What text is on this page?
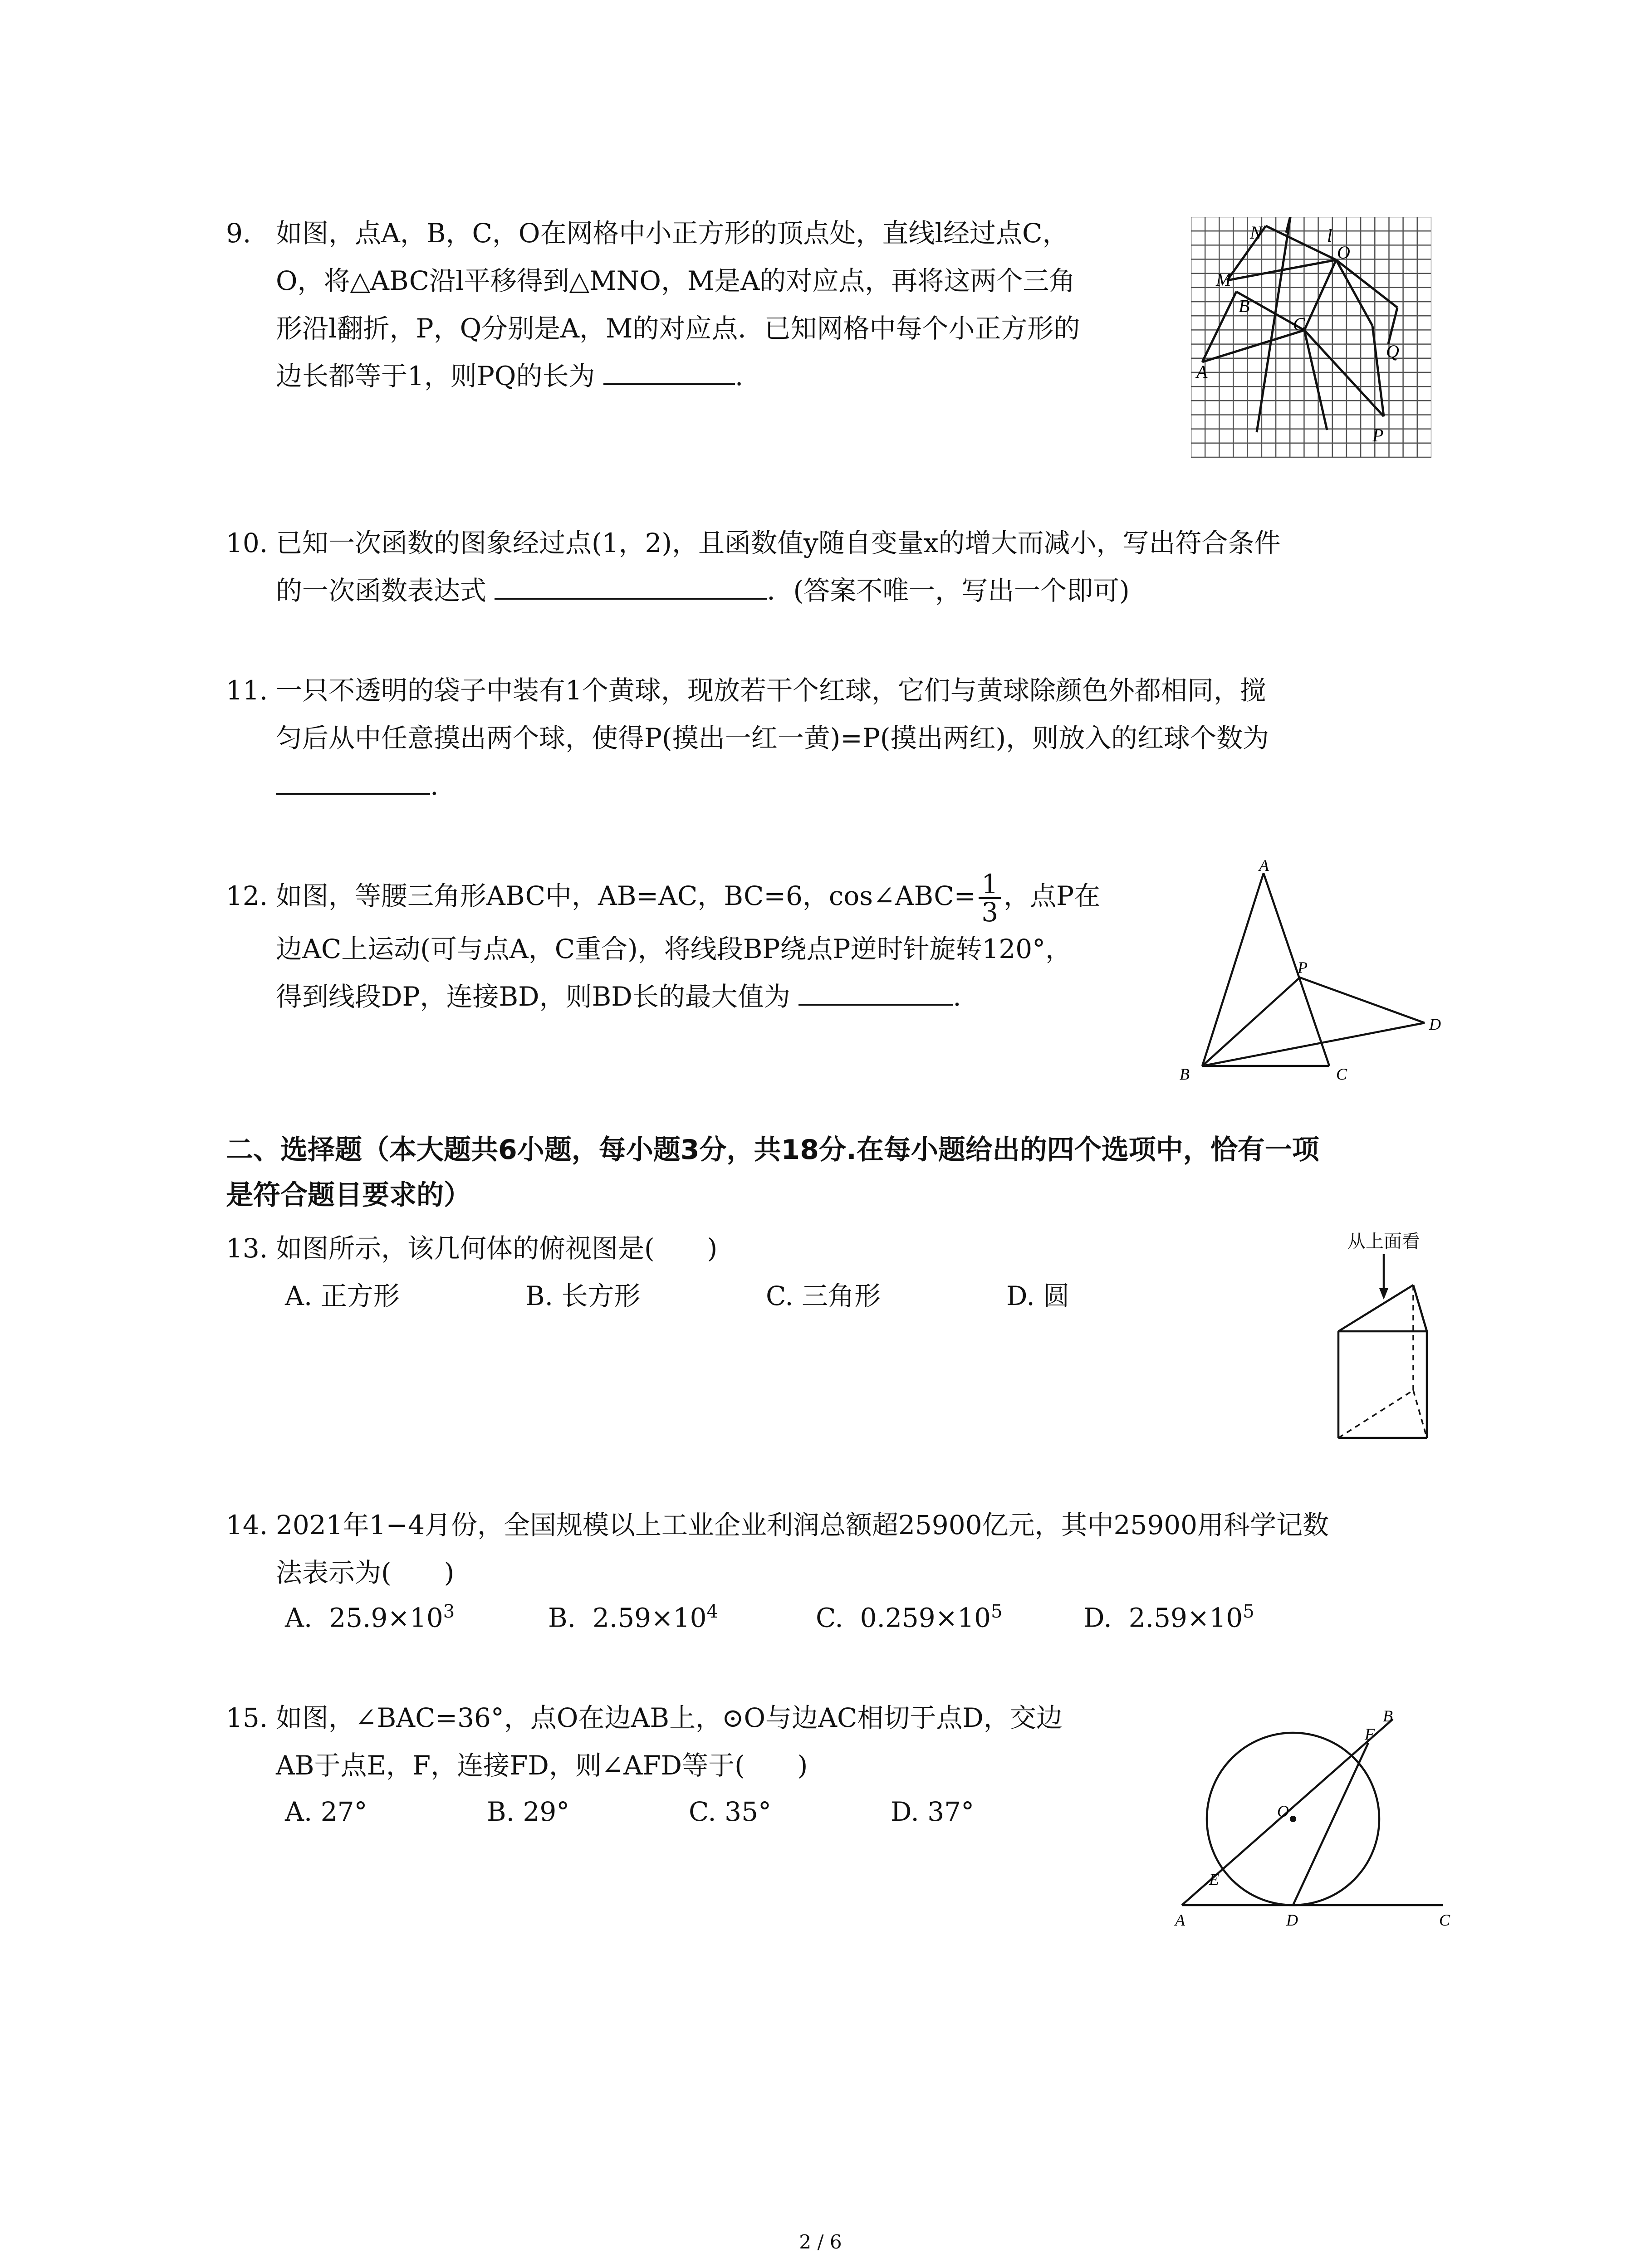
9. 如图，点A，B，C，O在网格中小正方形的顶点处，直线l经过点C，
O，将△ABC沿l平移得到△MNO，M是A的对应点，再将这两个三角
形沿l翻折，P，Q分别是A，M的对应点．已知网格中每个小正方形的
边长都等于1，则PQ的长为	.
N	l
O
M
B
C
A
Q
P
10. 已知一次函数的图象经过点(1，2)，且函数值y随自变量x的增大而减小，写出符合条件
的一次函数表达式	．(答案不唯一，写出一个即可)
11. 一只不透明的袋子中装有1个黄球，现放若干个红球，它们与黄球除颜色外都相同，搅
匀后从中任意摸出两个球，使得P(摸出一红一黄)=P(摸出两红)，则放入的红球个数为
.
12. 如图，等腰三角形ABC中，AB=AC，BC=6，cos∠ABC= $\frac{1}{3}$ ，点P在
边AC上运动(可与点A，C重合)，将线段BP绕点P逆时针旋转120°，
得到线段DP，连接BD，则BD长的最大值为	.
A
P
D
B	C
二、选择题（本大题共6小题，每小题3分，共18分.在每小题给出的四个选项中，恰有一项
是符合题目要求的）
13. 如图所示，该几何体的俯视图是(　　)
A. 正方形	B. 长方形	C. 三角形	D. 圆
从上面看
14. 2021年1−4月份，全国规模以上工业企业利润总额超25900亿元，其中25900用科学记数
法表示为(　　)
A. $25.9\times 10^3$	B. $2.59\times 10^4$	C. $0.259\times 10^5$	D. $2.59\times 10^5$
15. 如图，∠BAC=36°，点O在边AB上，⊙O与边AC相切于点D，交边
AB于点E，F，连接FD，则∠AFD等于(　　)
A. 27°	B. 29°	C. 35°	D. 37°
B
F
O
E
A	D	C
2 / 6
